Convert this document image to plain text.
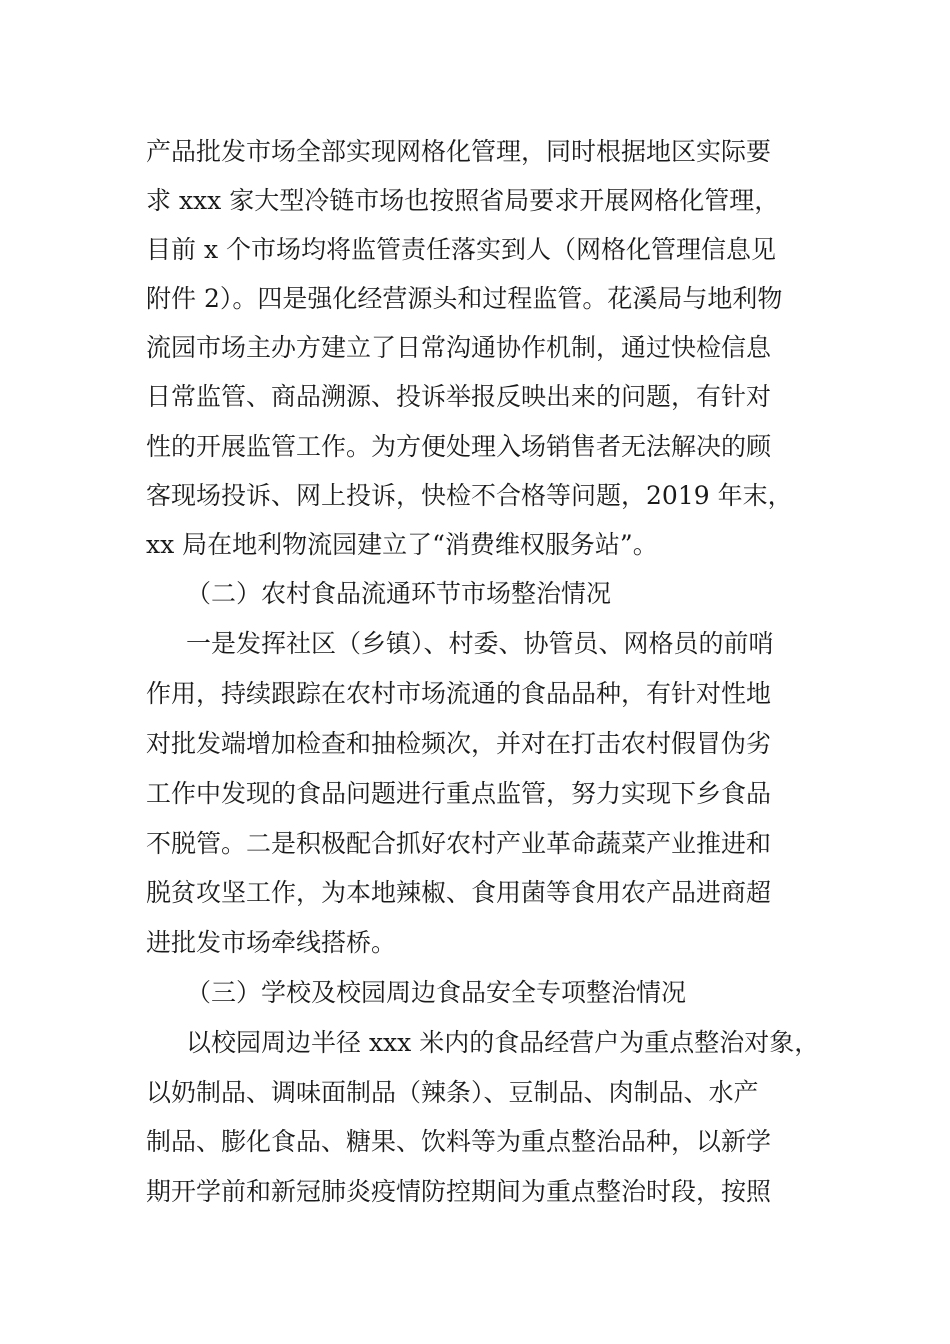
产品批发市场全部实现网格化管理，同时根据地区实际要

求 xxx 家大型冷链市场也按照省局要求开展网格化管理，

目前 x 个市场均将监管责任落实到人（网格化管理信息见

附件 2）。四是强化经营源头和过程监管。花溪局与地利物

流园市场主办方建立了日常沟通协作机制，通过快检信息

日常监管、商品溯源、投诉举报反映出来的问题，有针对

性的开展监管工作。为方便处理入场销售者无法解决的顾

客现场投诉、网上投诉，快检不合格等问题，2019 年末，

xx 局在地利物流园建立了“消费维权服务站”。

（二）农村食品流通环节市场整治情况

一是发挥社区（乡镇）、村委、协管员、网格员的前哨

作用，持续跟踪在农村市场流通的食品品种，有针对性地

对批发端增加检查和抽检频次，并对在打击农村假冒伪劣

工作中发现的食品问题进行重点监管，努力实现下乡食品

不脱管。二是积极配合抓好农村产业革命蔬菜产业推进和

脱贫攻坚工作，为本地辣椒、食用菌等食用农产品进商超

进批发市场牵线搭桥。

（三）学校及校园周边食品安全专项整治情况

以校园周边半径 xxx 米内的食品经营户为重点整治对象，

以奶制品、调味面制品（辣条）、豆制品、肉制品、水产

制品、膨化食品、糖果、饮料等为重点整治品种，以新学

期开学前和新冠肺炎疫情防控期间为重点整治时段，按照
